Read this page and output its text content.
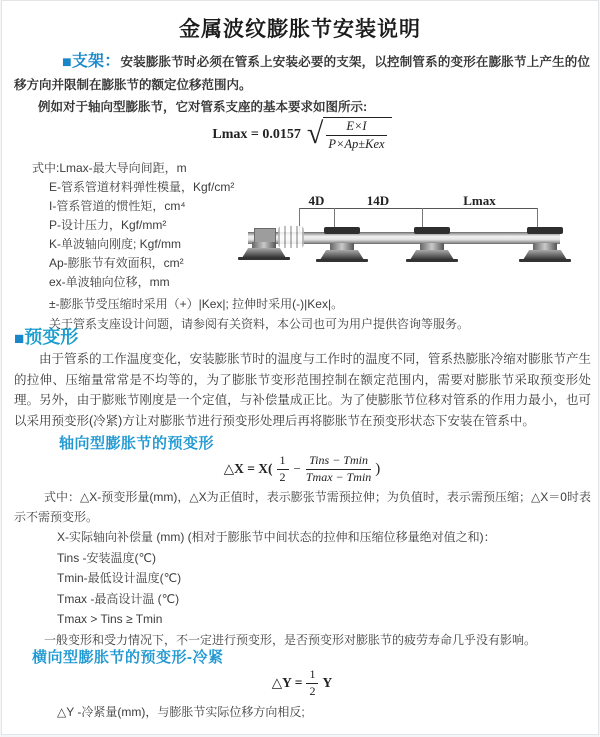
金属波纹膨胀节安装说明

■支架：安装膨胀节时必须在管系上安装必要的支架，以控制管系的变形在膨胀节上产生的位移方向并限制在膨胀节的额定位移范围内。

例如对于轴向型膨胀节，它对管系支座的基本要求如图所示:

Lmax = 0.0157 √ $\frac{E\times I}{\text{P×Ap±Kex}}$

式中:Lmax-最大导向间距，m

E-管系管道材料弹性模量，Kgf/cm²

I-管系管道的惯性矩，cm⁴

P-设计压力，Kgf/mm²

K-单波轴向刚度; Kgf/mm

Ap-膨胀节有效面积，cm²

ex-单波轴向位移，mm

±-膨胀节受压缩时采用（+）|Kex|; 拉伸时采用(-)|Kex|。

关于管系支座设计问题，请参阅有关资料，本公司也可为用户提供咨询等服务。

4D	14D	Lmax
■预变形

由于管系的工作温度变化，安装膨胀节时的温度与工作时的温度不同，管系热膨胀冷缩对膨胀节产生的拉伸、压缩量常常是不均等的，为了膨胀节变形范围控制在额定范围内，需要对膨胀节采取预变形处理。另外，由于膨账节刚度是一个定值，与补偿量成正比。为了使膨胀节位移对管系的作用力最小，也可以采用预变形(冷紧)方让对膨胀节进行预变形处理后再将膨胀节在预变形状态下安装在管系中。

轴向型膨胀节的预变形
△X = $X( \frac{1}{2} - \frac{\text{Tins − Tmin}}{Tmax - Tmin}$ )

式中：△X-预变形量(mm)，△X为正值时，表示膨张节需预拉伸；为负值时，表示需预压缩；△X＝0时表示不需预变形。

X-实际轴向补偿量 (mm) (相对于膨胀节中间状态的拉伸和压缩位移量绝对值之和)：

Tins -安装温度(℃)

Tmin-最低设计温度(℃)

Tmax -最高设计温 (℃)

Tmax > Tins ≥ Tmin

一般变形和受力情况下，不一定进行预变形，是否预变形对膨胀节的疲劳寿命几乎没有影响。

横向型膨胀节的预变形-冷紧
△Y = $\frac{1}{2}$ Y
△Y -冷紧量(mm)，与膨胀节实际位移方向相反;
